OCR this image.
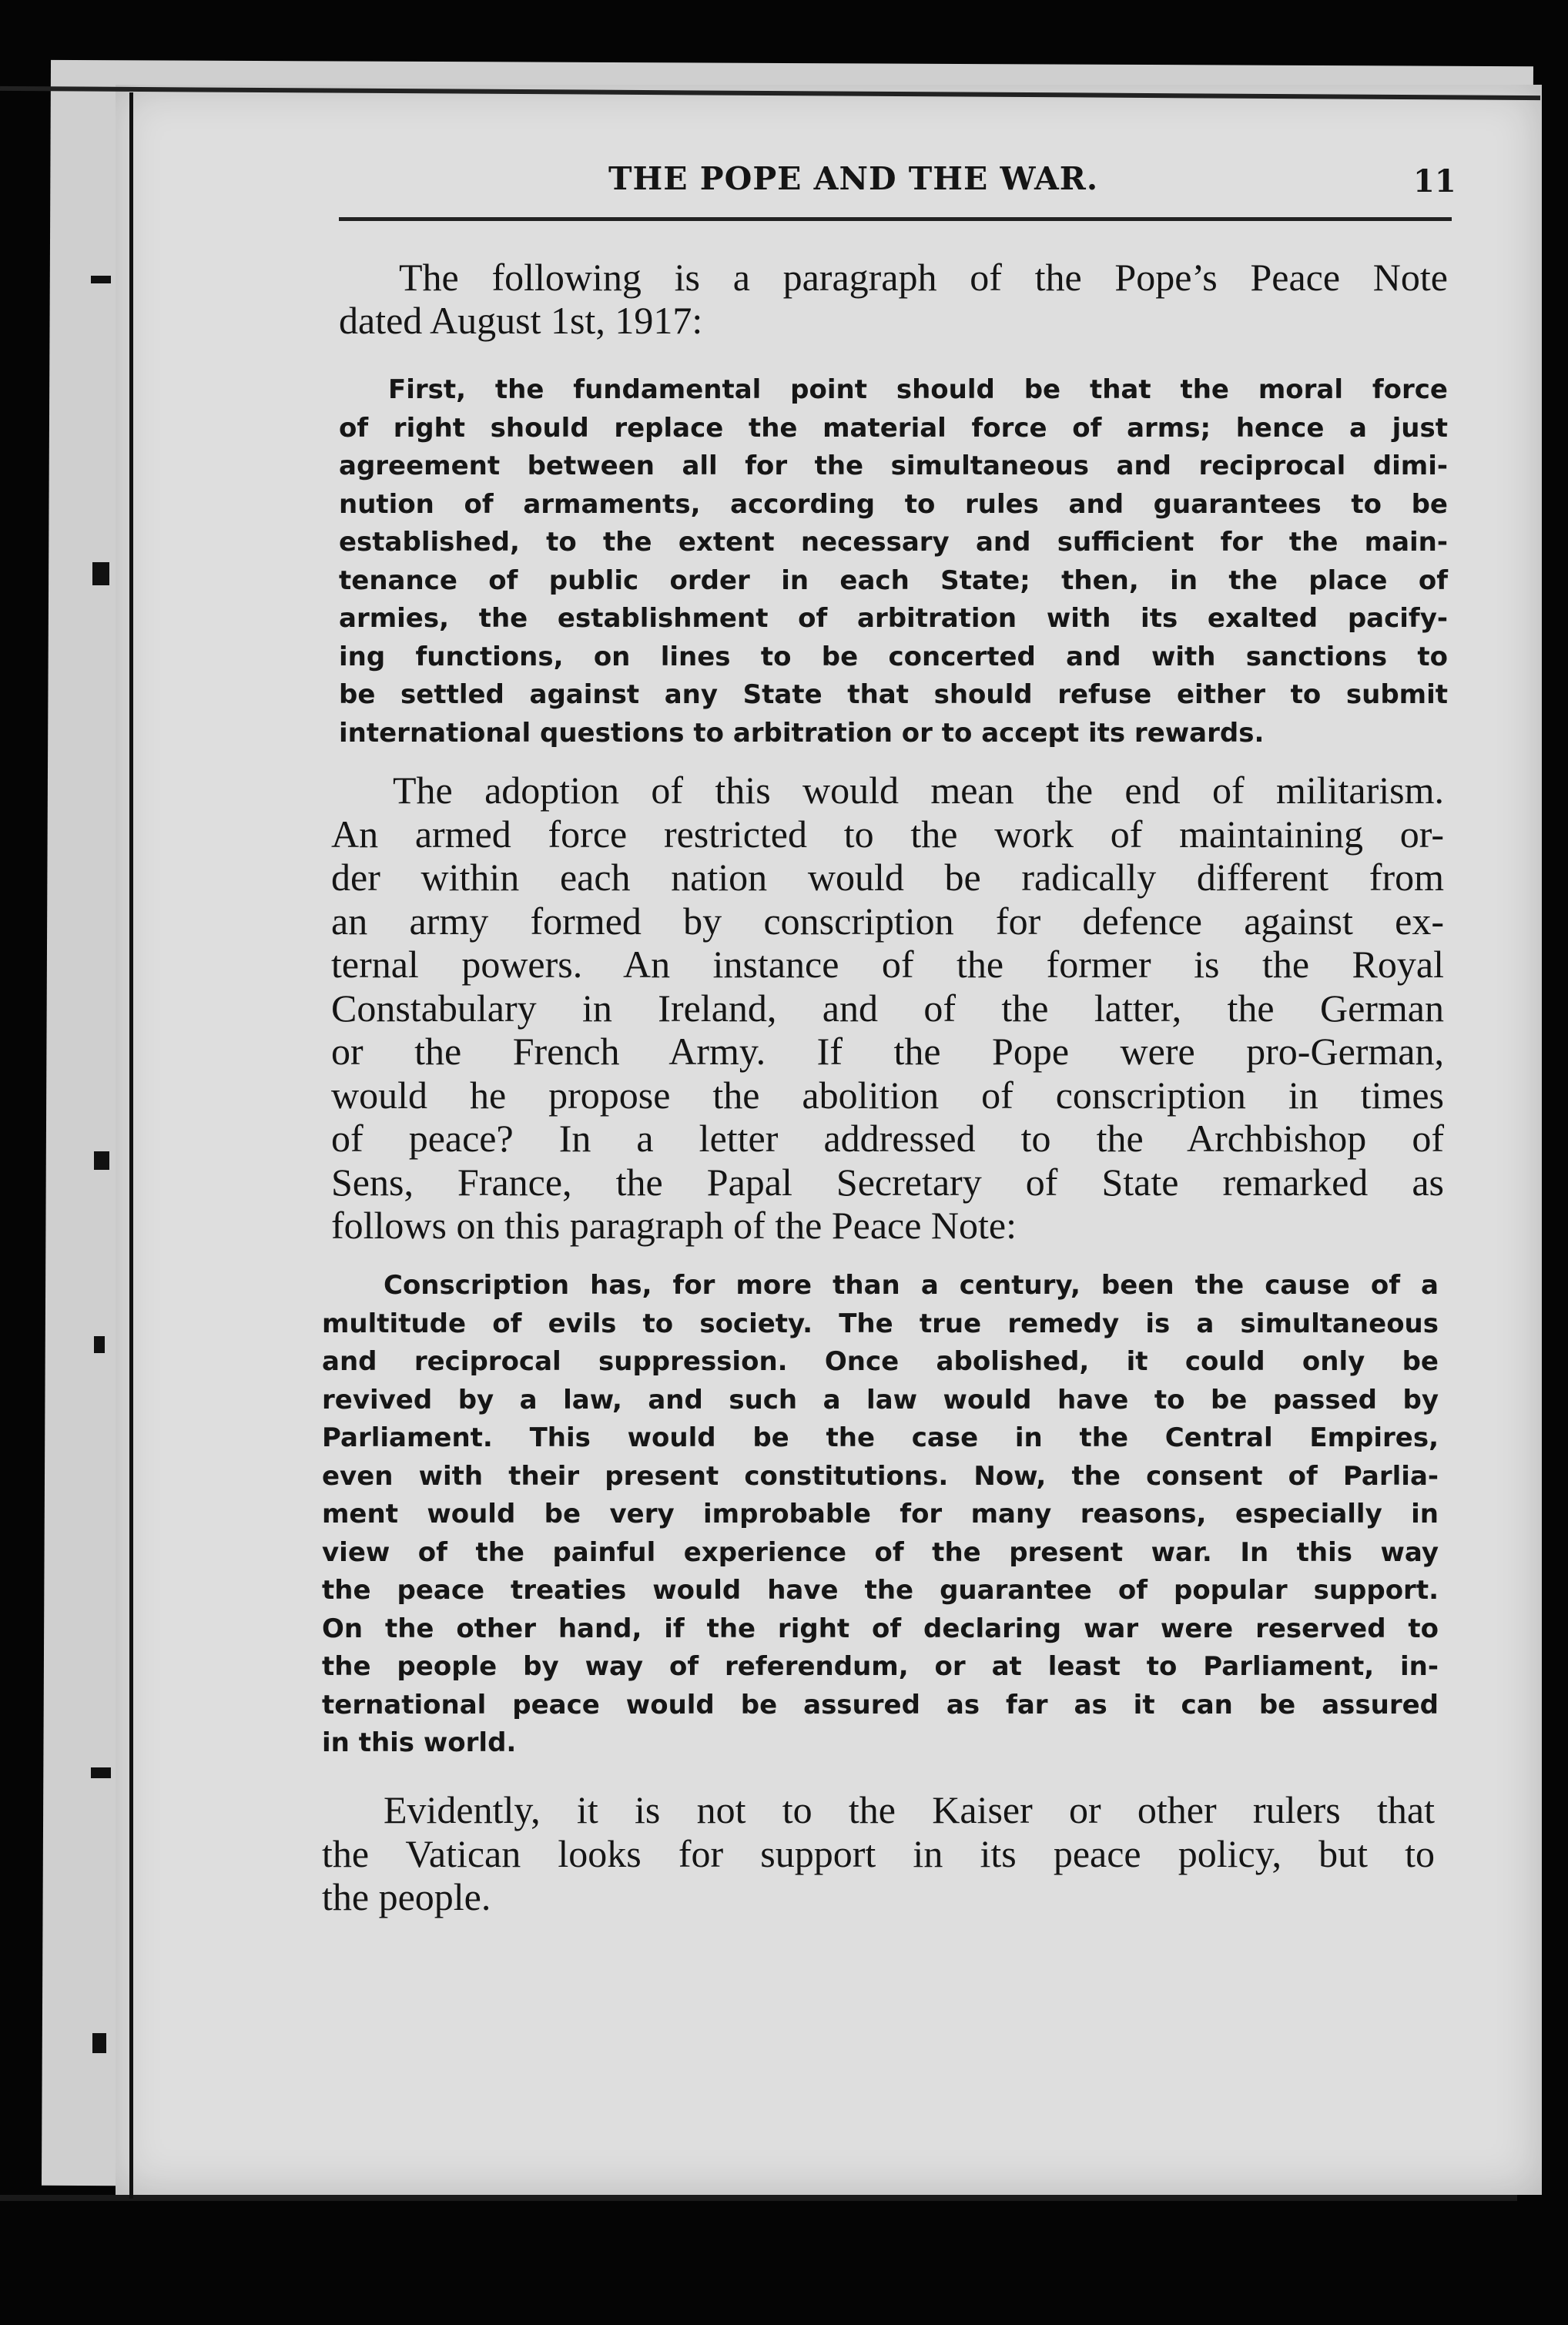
THE POPE AND THE WAR.	11
The following is a paragraph of the Pope’s Peace Note
dated August 1st, 1917:
First, the fundamental point should be that the moral force
of right should replace the material force of arms; hence a just
agreement between all for the simultaneous and reciprocal dimi-
nution of armaments, according to rules and guarantees to be
established, to the extent necessary and sufficient for the main-
tenance of public order in each State; then, in the place of
armies, the establishment of arbitration with its exalted pacify-
ing functions, on lines to be concerted and with sanctions to
be settled against any State that should refuse either to submit
international questions to arbitration or to accept its rewards.
The adoption of this would mean the end of militarism.
An armed force restricted to the work of maintaining or-
der within each nation would be radically different from
an army formed by conscription for defence against ex-
ternal powers. An instance of the former is the Royal
Constabulary in Ireland, and of the latter, the German
or the French Army. If the Pope were pro-German,
would he propose the abolition of conscription in times
of peace? In a letter addressed to the Archbishop of
Sens, France, the Papal Secretary of State remarked as
follows on this paragraph of the Peace Note:
Conscription has, for more than a century, been the cause of a
multitude of evils to society. The true remedy is a simultaneous
and reciprocal suppression. Once abolished, it could only be
revived by a law, and such a law would have to be passed by
Parliament. This would be the case in the Central Empires,
even with their present constitutions. Now, the consent of Parlia-
ment would be very improbable for many reasons, especially in
view of the painful experience of the present war. In this way
the peace treaties would have the guarantee of popular support.
On the other hand, if the right of declaring war were reserved to
the people by way of referendum, or at least to Parliament, in-
ternational peace would be assured as far as it can be assured
in this world.
Evidently, it is not to the Kaiser or other rulers that
the Vatican looks for support in its peace policy, but to
the people.
